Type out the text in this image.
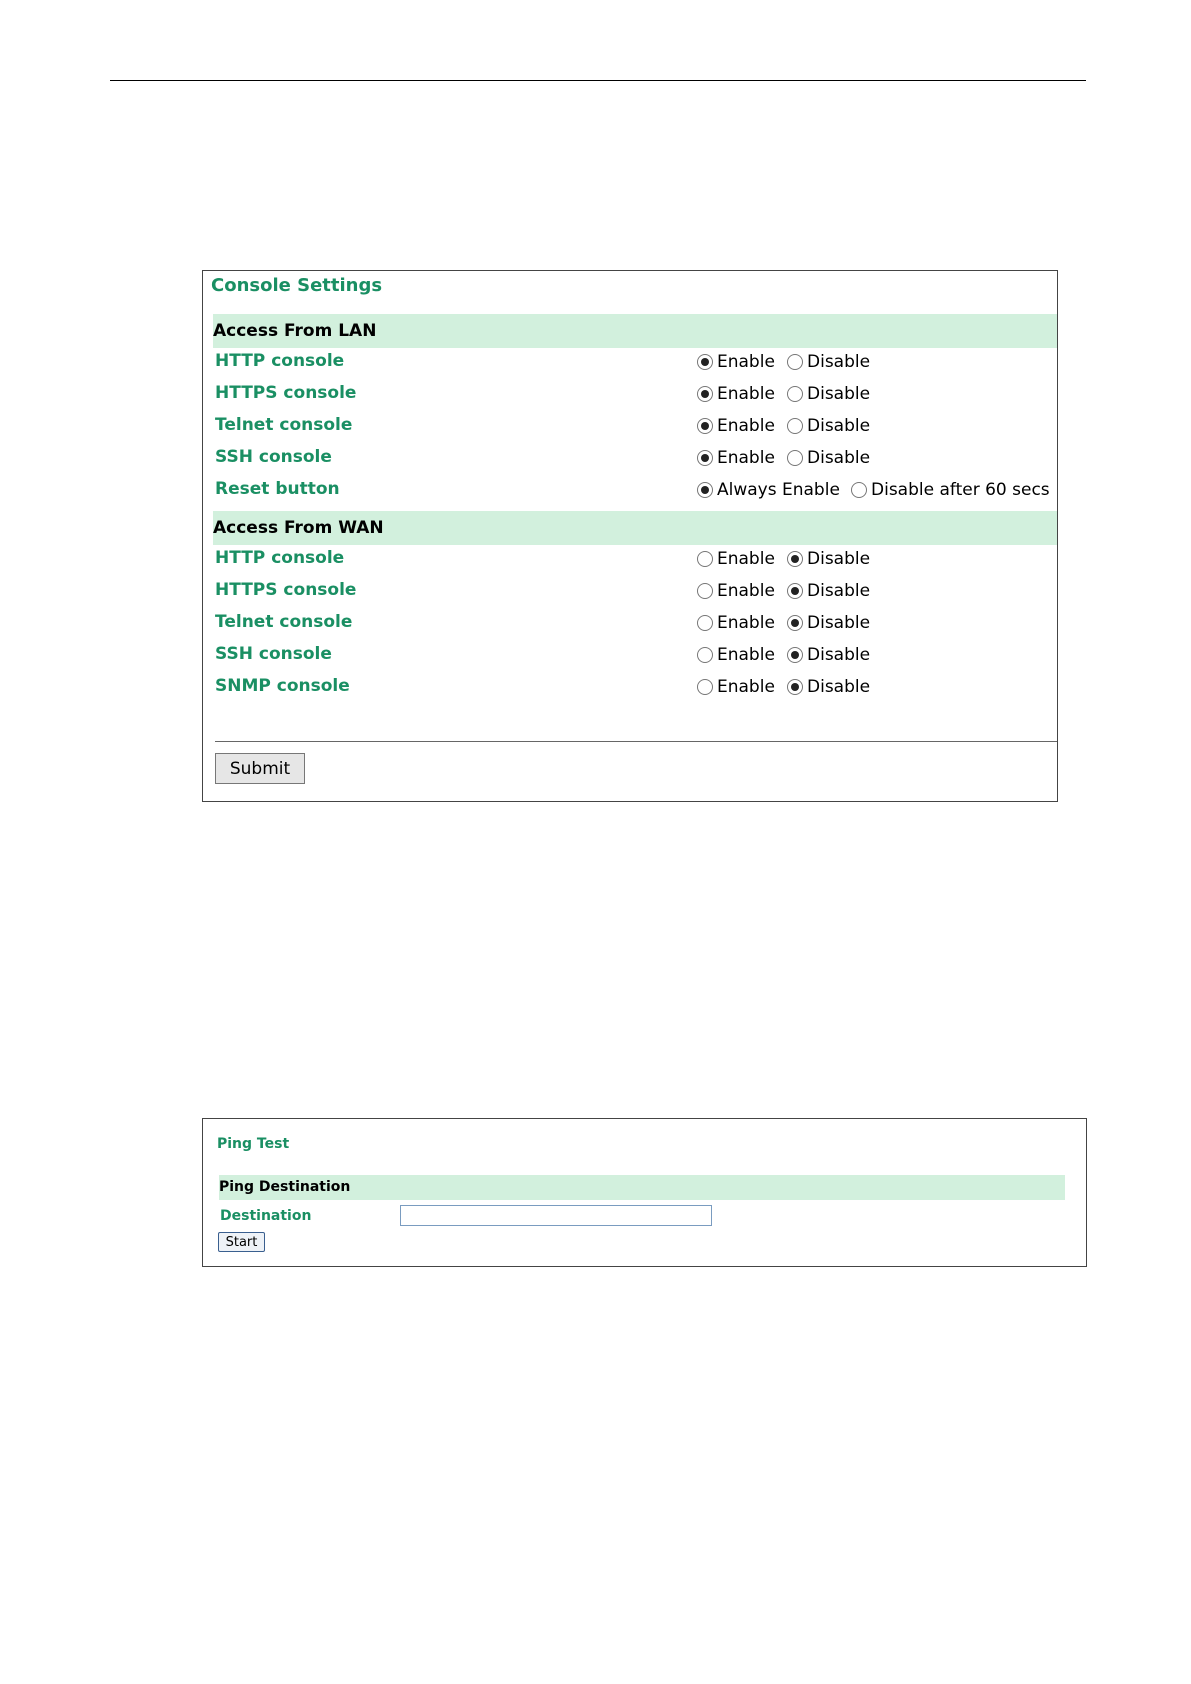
Console Settings
Access From LAN
HTTP console	Enable Disable
HTTPS console	Enable Disable
Telnet console	Enable Disable
SSH console	Enable Disable
Reset button	Always Enable Disable after 60 secs
Access From WAN
HTTP console	Enable Disable
HTTPS console	Enable Disable
Telnet console	Enable Disable
SSH console	Enable Disable
SNMP console	Enable Disable
Submit
Ping Test
Ping Destination
Destination
Start
